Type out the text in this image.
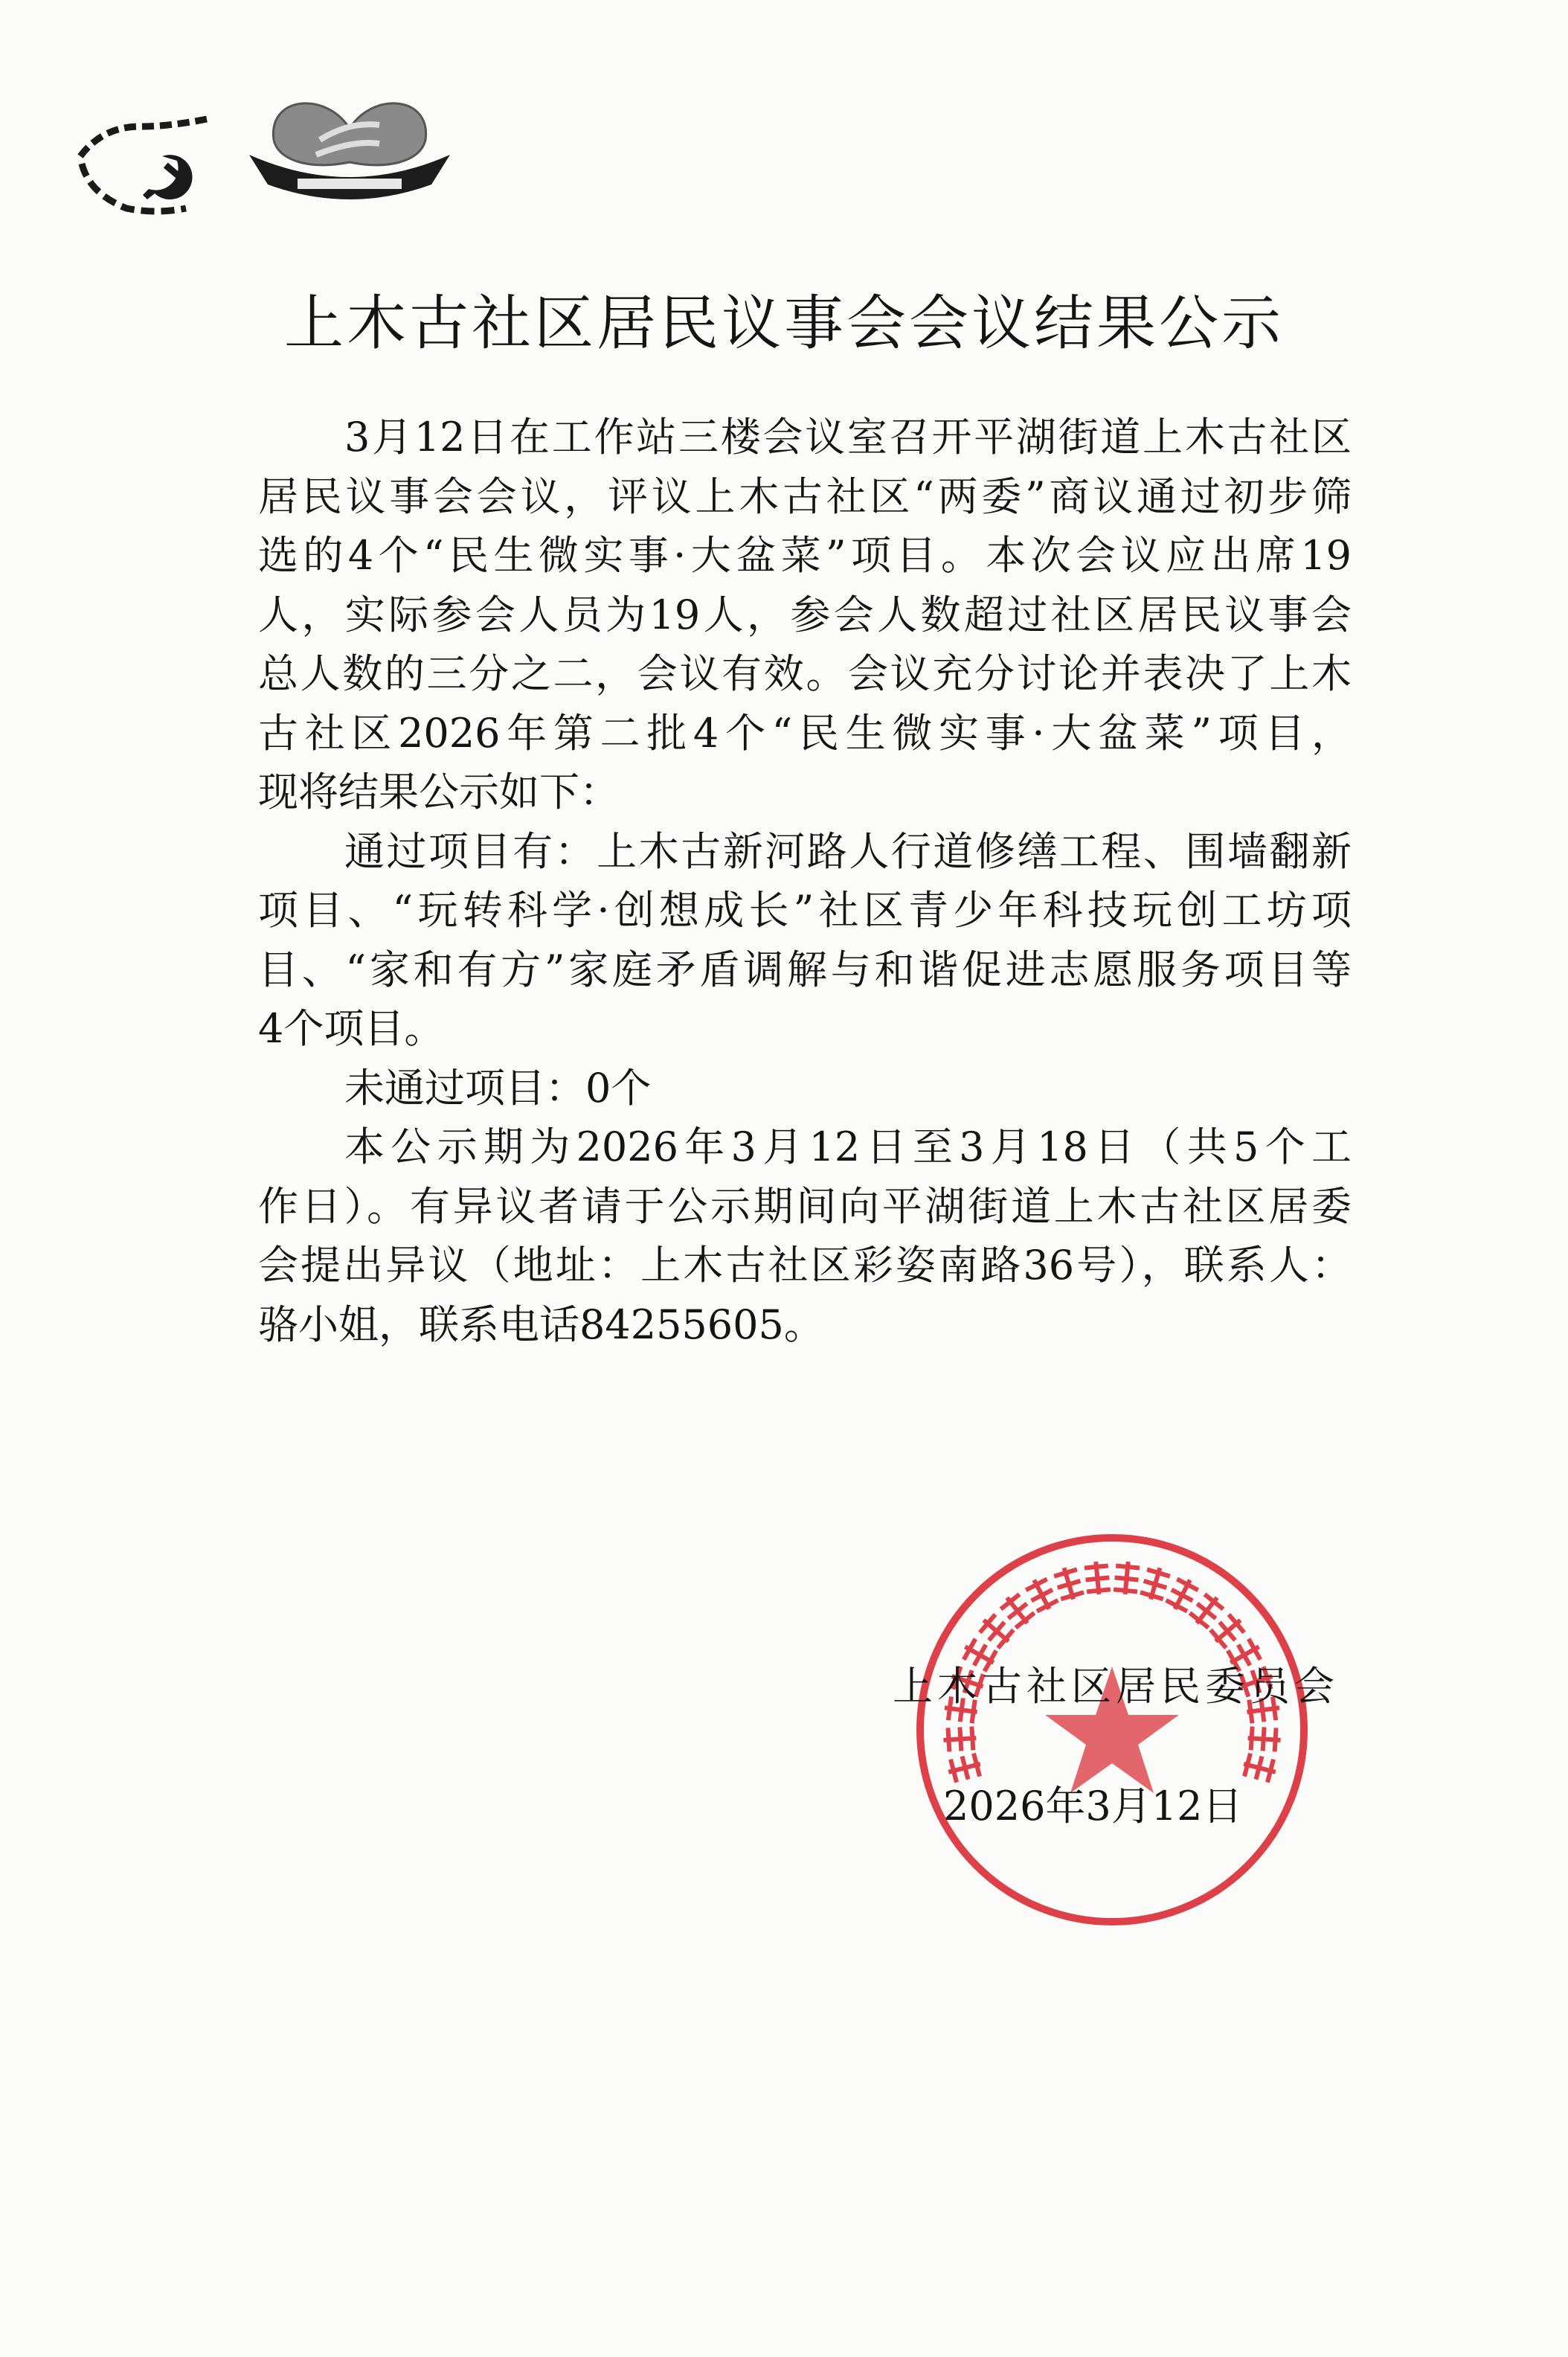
上木古社区居民议事会会议结果公示
3月12日在工作站三楼会议室召开平湖街道上木古社区
居民议事会会议，评议上木古社区“两委”商议通过初步筛
选的4个“民生微实事·大盆菜”项目。本次会议应出席19
人，实际参会人员为19人，参会人数超过社区居民议事会
总人数的三分之二，会议有效。会议充分讨论并表决了上木
古社区2026年第二批4个“民生微实事·大盆菜”项目，
现将结果公示如下：
通过项目有：上木古新河路人行道修缮工程、围墙翻新
项目、“玩转科学·创想成长”社区青少年科技玩创工坊项
目、“家和有方”家庭矛盾调解与和谐促进志愿服务项目等
4个项目。
未通过项目：0个
本公示期为2026年3月12日至3月18日（共5个工
作日）。有异议者请于公示期间向平湖街道上木古社区居委
会提出异议（地址：上木古社区彩姿南路36号），联系人：
骆小姐，联系电话84255605。
上木古社区居民委员会
2026年3月12日
